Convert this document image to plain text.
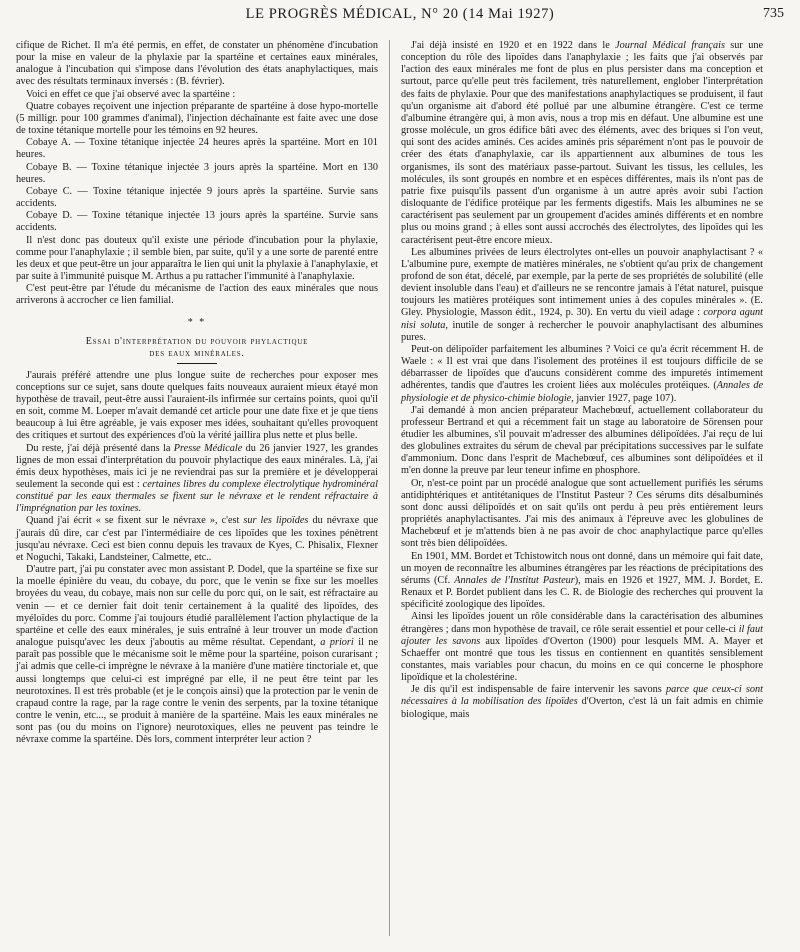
LE PROGRÈS MÉDICAL, N° 20 (14 Mai 1927)	735

cifique de Richet. Il m'a été permis, en effet, de constater un phénomène d'incubation pour la mise en valeur de la phylaxie par la spartéine et certaines eaux minérales, analogue à l'incubation qui s'impose dans l'évolution des états anaphylactiques, mais avec des résultats terminaux inversés : (B. février).

Voici en effet ce que j'ai observé avec la spartéine :

Quatre cobayes reçoivent une injection préparante de spartéine à dose hypo-mortelle (5 milligr. pour 100 grammes d'animal), l'injection déchaînante est faite avec une dose de toxine tétanique mortelle pour les témoins en 92 heures.

Cobaye A. — Toxine tétanique injectée 24 heures après la spartéine. Mort en 101 heures.

Cobaye B. — Toxine tétanique injectée 3 jours après la spartéine. Mort en 130 heures.

Cobaye C. — Toxine tétanique injectée 9 jours après la spartéine. Survie sans accidents.

Cobaye D. — Toxine tétanique injectée 13 jours après la spartéine. Survie sans accidents.

Il n'est donc pas douteux qu'il existe une période d'incubation pour la phylaxie, comme pour l'anaphylaxie ; il semble bien, par suite, qu'il y a une sorte de parenté entre les deux et que peut-être un jour apparaîtra le lien qui unit la phylaxie à l'anaphylaxie, et par suite à l'immunité puisque M. Arthus a pu rattacher l'immunité à l'anaphylaxie.

C'est peut-être par l'étude du mécanisme de l'action des eaux minérales que nous arriverons à accrocher ce lien familial.

* *
Essai d'interprétation du pouvoir phylactique
des eaux minérales.

J'aurais préféré attendre une plus longue suite de recherches pour exposer mes conceptions sur ce sujet, sans doute quelques faits nouveaux auraient mieux étayé mon hypothèse de travail, peut-être aussi l'auraient-ils infirmée sur certains points, quoi qu'il en soit, comme M. Loeper m'avait demandé cet article pour une date fixe et je que tiens beaucoup à lui être agréable, je vais exposer mes idées, souhaitant qu'elles provoquent des critiques et surtout des expériences d'où la vérité jaillira plus nette et plus belle.

Du reste, j'ai déjà présenté dans la Presse Médicale du 26 janvier 1927, les grandes lignes de mon essai d'interprétation du pouvoir phylactique des eaux minérales. Là, j'ai émis deux hypothèses, mais ici je ne reviendrai pas sur la première et je développerai seulement la seconde qui est : certaines libres du complexe électrolytique hydrominéral constitué par les eaux thermales se fixent sur le névraxe et le rendent réfractaire à l'imprégnation par les toxines.

Quand j'ai écrit « se fixent sur le névraxe », c'est sur les lipoïdes du névraxe que j'aurais dû dire, car c'est par l'intermédiaire de ces lipoïdes que les toxines pénètrent jusqu'au névraxe. Ceci est bien connu depuis les travaux de Kyes, C. Phisalix, Flexner et Noguchi, Takaki, Landsteiner, Calmette, etc..

D'autre part, j'ai pu constater avec mon assistant P. Dodel, que la spartéine se fixe sur la moelle épinière du veau, du cobaye, du porc, que le venin se fixe sur les moelles broyées du veau, du cobaye, mais non sur celle du porc qui, on le sait, est réfractaire au venin — et ce dernier fait doit tenir certainement à la qualité des lipoïdes, des myéloïdes du porc. Comme j'ai toujours étudié parallèlement l'action phylactique de la spartéine et celle des eaux minérales, je suis entraîné à leur trouver un mode d'action analogue puisqu'avec les deux j'aboutis au même résultat. Cependant, a priori il ne paraît pas possible que le mécanisme soit le même pour la spartéine, poison curarisant ; j'ai admis que celle-ci imprègne le névraxe à la manière d'une matière tinctoriale et, que aussi longtemps que celui-ci est imprégné par elle, il ne peut être teint par les neurotoxines. Il est très probable (et je le conçois ainsi) que la protection par le venin de crapaud contre la rage, par la rage contre le venin des serpents, par la toxine tétanique contre le venin, etc..., se produit à manière de la spartéine. Mais les eaux minérales ne sont pas (ou du moins on l'ignore) neurotoxiques, elles ne peuvent pas teindre le névraxe comme la spartéine. Dès lors, comment interpréter leur action ?

J'ai déjà insisté en 1920 et en 1922 dans le Journal Médical français sur une conception du rôle des lipoïdes dans l'anaphylaxie ; les faits que j'ai observés par l'action des eaux minérales me font de plus en plus persister dans ma conception et surtout, parce qu'elle peut très facilement, très naturellement, englober l'interprétation des faits de phylaxie. Pour que des manifestations anaphylactiques se produisent, il faut qu'un organisme ait d'abord été pollué par une albumine étrangère. C'est ce terme d'albumine étrangère qui, à mon avis, nous a trop mis en défaut. Une albumine est une grosse molécule, un gros édifice bâti avec des éléments, avec des briques si l'on veut, qui sont des acides aminés. Ces acides aminés pris séparément n'ont pas le pouvoir de créer des états d'anaphylaxie, car ils appartiennent aux albumines de tous les organismes, ils sont des matériaux passe-partout. Suivant les tissus, les cellules, les molécules, ils sont groupés en nombre et en espèces différentes, mais ils n'ont pas de patrie fixe puisqu'ils passent d'un organisme à un autre après avoir subi l'action disloquante de l'édifice protéique par les ferments digestifs. Mais les albumines ne se caractérisent pas seulement par un groupement d'acides aminés différents et en nombre plus ou moins grand ; à elles sont aussi accrochés des électrolytes, des lipoïdes qui les caractérisent peut-être encore mieux.

Les albumines privées de leurs électrolytes ont-elles un pouvoir anaphylactisant ? « L'albumine pure, exempte de matières minérales, ne s'obtient qu'au prix de changement profond de son état, décelé, par exemple, par la perte de ses propriétés de solubilité (elle devient insoluble dans l'eau) et d'ailleurs ne se rencontre jamais à l'état naturel, puisque toujours les matières protéiques sont intimement unies à des copules minérales ». (E. Gley. Physiologie, Masson édit., 1924, p. 30). En vertu du vieil adage : corpora agunt nisi soluta, inutile de songer à rechercher le pouvoir anaphylactisant des albumines pures.

Peut-on délipoïder parfaitement les albumines ? Voici ce qu'a écrit récemment H. de Waele : « Il est vrai que dans l'isolement des protéines il est toujours difficile de se débarrasser de lipoïdes que d'aucuns considèrent comme des impuretés intimement adhérentes, tandis que d'autres les croient liées aux molécules protéiques. (Annales de physiologie et de physico-chimie biologie, janvier 1927, page 107).

J'ai demandé à mon ancien préparateur Machebœuf, actuellement collaborateur du professeur Bertrand et qui a récemment fait un stage au laboratoire de Sörensen pour étudier les albumines, s'il pouvait m'adresser des albumines délipoïdées. J'ai reçu de lui des globulines extraites du sérum de cheval par précipitations successives par le sulfate d'ammonium. Donc dans l'esprit de Machebœuf, ces albumines sont délipoïdées et il m'en donne la preuve par leur teneur infime en phosphore.

Or, n'est-ce point par un procédé analogue que sont actuellement purifiés les sérums antidiphtériques et antitétaniques de l'Institut Pasteur ? Ces sérums dits désalbuminés sont donc aussi délipoïdés et on sait qu'ils ont perdu à peu près entièrement leurs propriétés anaphylactisantes. J'ai mis des animaux à l'épreuve avec les globulines de Machebœuf et je m'attends bien à ne pas avoir de choc anaphylactique parce qu'elles sont très bien délipoïdées.

En 1901, MM. Bordet et Tchistowitch nous ont donné, dans un mémoire qui fait date, un moyen de reconnaître les albumines étrangères par les réactions de précipitations des sérums (Cf. Annales de l'Institut Pasteur), mais en 1926 et 1927, MM. J. Bordet, E. Renaux et P. Bordet publient dans les C. R. de Biologie des recherches qui prouvent la spécificité zoologique des lipoïdes.

Ainsi les lipoïdes jouent un rôle considérable dans la caractérisation des albumines étrangères ; dans mon hypothèse de travail, ce rôle serait essentiel et pour celle-ci il faut ajouter les savons aux lipoïdes d'Overton (1900) pour lesquels MM. A. Mayer et Schaeffer ont montré que tous les tissus en contiennent en quantités sensiblement constantes, mais variables pour chacun, du moins en ce qui concerne le phosphore lipoïdique et la cholestérine.

Je dis qu'il est indispensable de faire intervenir les savons parce que ceux-ci sont nécessaires à la mobilisation des lipoïdes d'Overton, c'est là un fait admis en chimie biologique, mais
